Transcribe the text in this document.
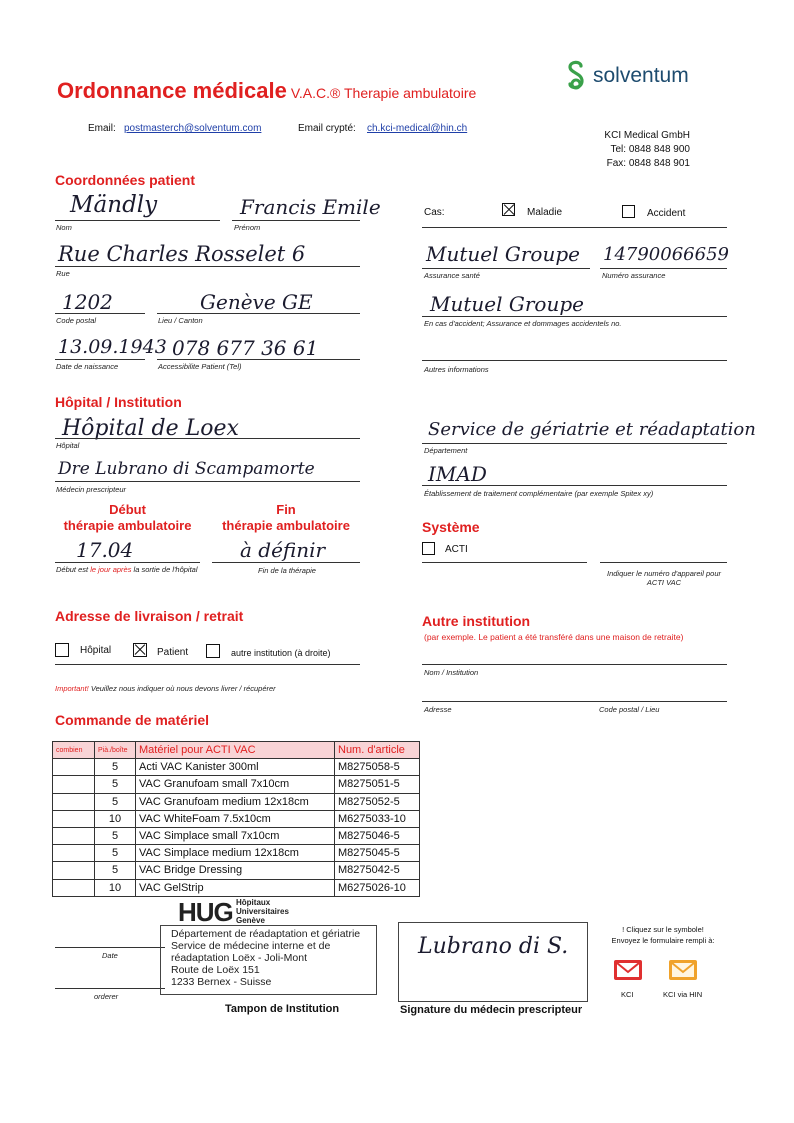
Ordonnance médicale V.A.C.® Therapie ambulatoire
solventum
Email: postmasterch@solventum.com	Email crypté: ch.kci-medical@hin.ch
KCI Medical GmbH
Tel: 0848 848 900
Fax: 0848 848 901
Coordonnées patient
Mändly
Nom
Francis Emile
Prénom
Rue Charles Rosselet 6
Rue
1202
Code postal
Genève GE
Lieu / Canton
13.09.1943
Date de naissance
078 677 36 61
Accessibilite Patient (Tel)
Cas:	Maladie	Accident
Mutuel Groupe
Assurance santé
14790066659
Numéro assurance
Mutuel Groupe
En cas d'accident; Assurance et dommages accidentels no.
Autres informations
Hôpital / Institution
Hôpital de Loex
Hôpital
Dre Lubrano di Scampamorte
Médecin prescripteur
Service de gériatrie et réadaptation
Département
IMAD
Établissement de traitement complémentaire (par exemple Spitex xy)
Début
thérapie ambulatoire
Fin
thérapie ambulatoire
17.04
Début est le jour après la sortie de l'hôpital
à définir
Fin de la thérapie
Système
ACTI
Indiquer le numéro d'appareil pour ACTI VAC
Adresse de livraison / retrait
Hôpital	Patient	autre institution (à droite)
Important! Veuillez nous indiquer où nous devons livrer / récupérer
Autre institution
(par exemple. Le patient a été transféré dans une maison de retraite)
Nom / Institution
Adresse	Code postal / Lieu
Commande de matériel
combien	Pià./boîte	Matériel pour ACTI VAC	Num. d'article
	5	Acti VAC Kanister 300ml	M8275058-5
	5	VAC Granufoam small 7x10cm	M8275051-5
	5	VAC Granufoam medium 12x18cm	M8275052-5
	10	VAC WhiteFoam 7.5x10cm	M6275033-10
	5	VAC Simplace small 7x10cm	M8275046-5
	5	VAC Simplace medium 12x18cm	M8275045-5
	5	VAC Bridge Dressing	M8275042-5
	10	VAC GelStrip	M6275026-10
Date
orderer
Département de réadaptation et gériatrie
Service de médecine interne et de
réadaptation Loëx - Joli-Mont
Route de Loëx 151
1233 Bernex - Suisse
HUG Hôpitaux
Universitaires
Genève
Tampon de Institution
Lubrano di S.
Signature du médecin prescripteur
! Cliquez sur le symbole!
Envoyez le formulaire rempli à:
KCI	KCI via HIN
